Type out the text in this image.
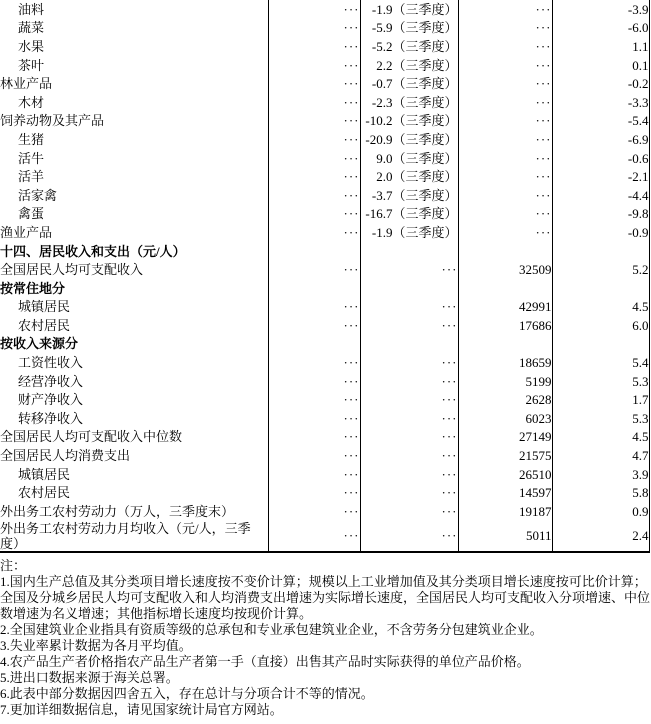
油料	···	-1.9（三季度）	···	-3.9
蔬菜	···	-5.9（三季度）	···	-6.0
水果	···	-5.2（三季度）	···	1.1
茶叶	···	2.2（三季度）	···	0.1
林业产品	···	-0.7（三季度）	···	-0.2
木材	···	-2.3（三季度）	···	-3.3
饲养动物及其产品	···	-10.2（三季度）	···	-5.4
生猪	···	-20.9（三季度）	···	-6.9
活牛	···	9.0（三季度）	···	-0.6
活羊	···	2.0（三季度）	···	-2.1
活家禽	···	-3.7（三季度）	···	-4.4
禽蛋	···	-16.7（三季度）	···	-9.8
渔业产品	···	-1.9（三季度）	···	-0.9
十四、居民收入和支出（元/人）				
全国居民人均可支配收入	···	···	32509	5.2
按常住地分				
城镇居民	···	···	42991	4.5
农村居民	···	···	17686	6.0
按收入来源分				
工资性收入	···	···	18659	5.4
经营净收入	···	···	5199	5.3
财产净收入	···	···	2628	1.7
转移净收入	···	···	6023	5.3
全国居民人均可支配收入中位数	···	···	27149	4.5
全国居民人均消费支出	···	···	21575	4.7
城镇居民	···	···	26510	3.9
农村居民	···	···	14597	5.8
外出务工农村劳动力（万人，三季度末）	···	···	19187	0.9
外出务工农村劳动力月均收入（元/人，三季度）	···	···	5011	2.4
注：
1.国内生产总值及其分类项目增长速度按不变价计算；规模以上工业增加值及其分类项目增长速度按可比价计算；全国及分城乡居民人均可支配收入和人均消费支出增速为实际增长速度，全国居民人均可支配收入分项增速、中位数增速为名义增速；其他指标增长速度均按现价计算。
2.全国建筑业企业指具有资质等级的总承包和专业承包建筑业企业，不含劳务分包建筑业企业。
3.失业率累计数据为各月平均值。
4.农产品生产者价格指农产品生产者第一手（直接）出售其产品时实际获得的单位产品价格。
5.进出口数据来源于海关总署。
6.此表中部分数据因四舍五入，存在总计与分项合计不等的情况。
7.更加详细数据信息，请见国家统计局官方网站。
